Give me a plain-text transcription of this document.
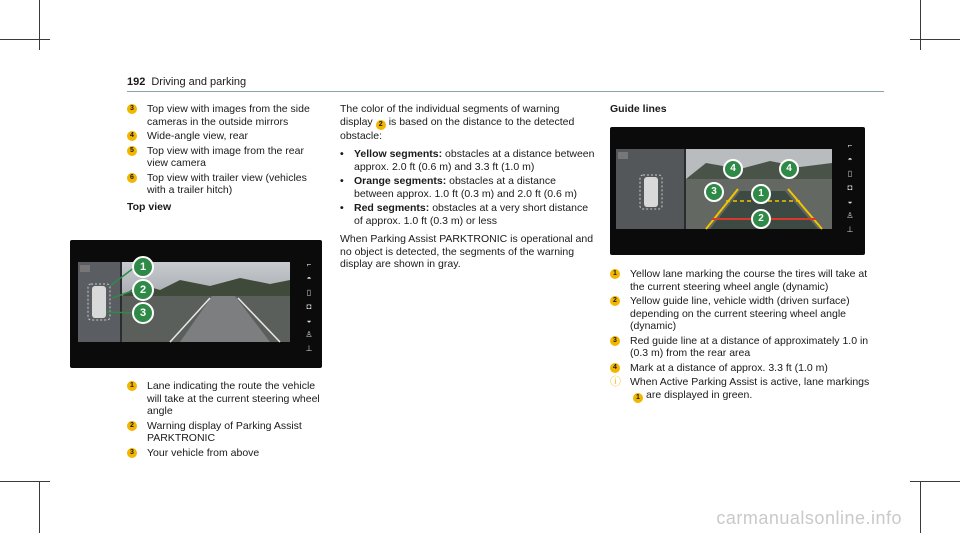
192 Driving and parking
3 Top view with images from the side cameras in the outside mirrors
4 Wide-angle view, rear
5 Top view with image from the rear view camera
6 Top view with trailer view (vehicles with a trailer hitch)
Top view
⌐
◓
▯
◘
◒
♙
⊥
1
2
3
1 Lane indicating the route the vehicle will take at the current steering wheel angle
2 Warning display of Parking Assist PARKTRONIC
3 Your vehicle from above
The color of the individual segments of warning display 2 is based on the distance to the detected obstacle:
• Yellow segments: obstacles at a distance between approx. 2.0 ft (0.6 m) and 3.3 ft (1.0 m)
• Orange segments: obstacles at a distance between approx. 1.0 ft (0.3 m) and 2.0 ft (0.6 m)
• Red segments: obstacles at a very short distance of approx. 1.0 ft (0.3 m) or less
When Parking Assist PARKTRONIC is operational and no object is detected, the segments of the warning display are shown in gray.
Guide lines
⌐
◓
▯
◘
◒
♙
⊥
4	4
3	1
2
1 Yellow lane marking the course the tires will take at the current steering wheel angle (dynamic)
2 Yellow guide line, vehicle width (driven surface) depending on the current steering wheel angle (dynamic)
3 Red guide line at a distance of approximately 1.0 in (0.3 m) from the rear area
4 Mark at a distance of approx. 3.3 ft (1.0 m)
ⓘ When Active Parking Assist is active, lane markings1 are displayed in green.
carmanualsonline.info
